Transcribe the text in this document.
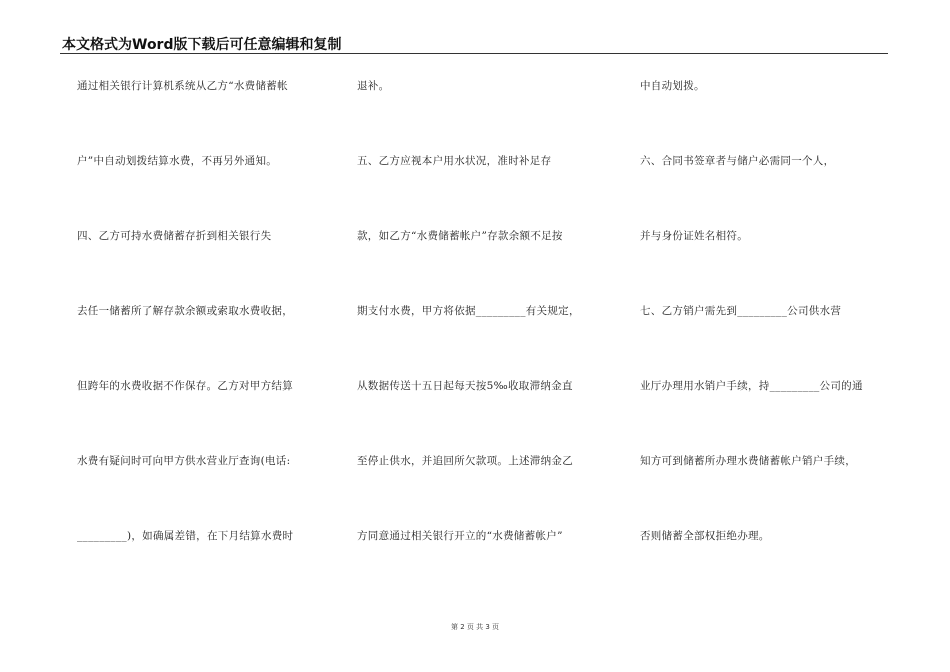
本文格式为Word版下载后可任意编辑和复制
通过相关银行计算机系统从乙方“水费储蓄帐
户”中自动划拨结算水费，不再另外通知。
四、乙方可持水费储蓄存折到相关银行失
去任一储蓄所了解存款余额或索取水费收据，
但跨年的水费收据不作保存。乙方对甲方结算
水费有疑问时可向甲方供水营业厅查询(电话:
_________)，如确属差错，在下月结算水费时
退补。
五、乙方应视本户用水状况，准时补足存
款，如乙方“水费储蓄帐户”存款余额不足按
期支付水费，甲方将依据_________有关规定，
从数据传送十五日起每天按5‰收取滞纳金直
至停止供水，并追回所欠款项。上述滞纳金乙
方同意通过相关银行开立的“水费储蓄帐户”
中自动划拨。
六、合同书签章者与储户必需同一个人，
并与身份证姓名相符。
七、乙方销户需先到_________公司供水营
业厅办理用水销户手续，持_________公司的通
知方可到储蓄所办理水费储蓄帐户销户手续，
否则储蓄全部权拒绝办理。
第 2 页 共 3 页
